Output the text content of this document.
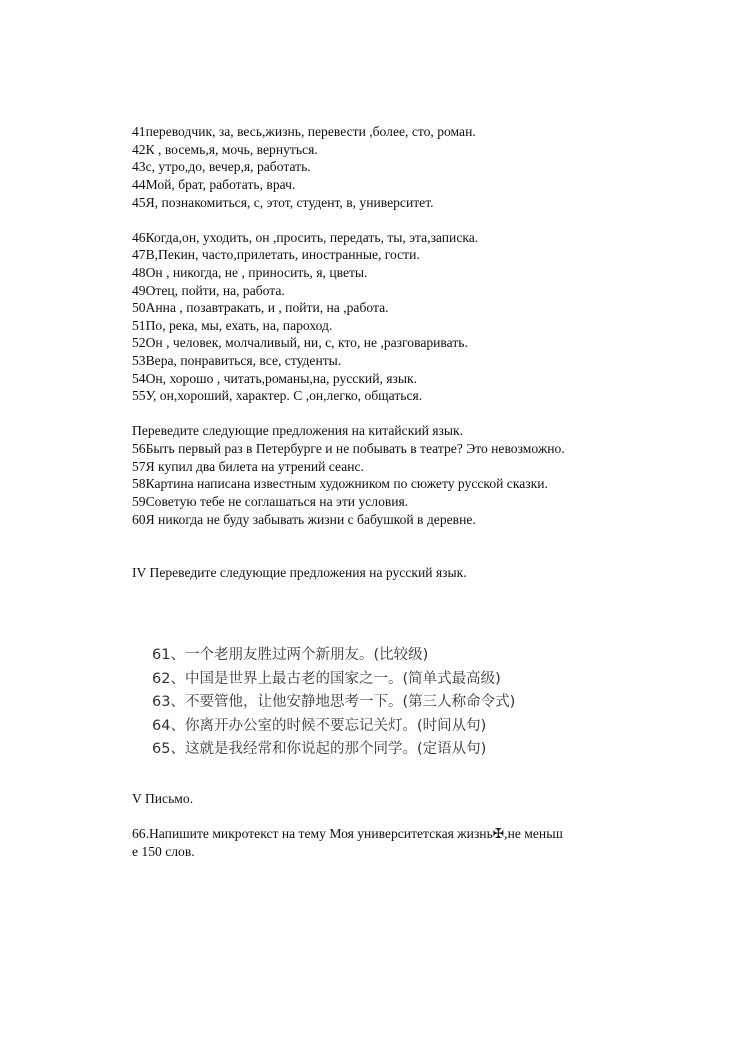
41переводчик, за, весь,жизнь, перевести ,более, сто, роман.
42К , восемь,я, мочь, вернуться.
43с, утро,до, вечер,я, работать.
44Мой, брат, работать, врач.
45Я, познакомиться, с, этот, студент, в, университет.
46Когда,он, уходить, он ,просить, передать, ты, эта,записка.
47В,Пекин, часто,прилетать, иностранные, гости.
48Он , никогда, не , приносить, я, цветы.
49Отец, пойти, на, работа.
50Анна , позавтракать, и , пойти, на ,работа.
51По, река, мы, ехать, на, пароход.
52Он , человек, молчаливый, ни, с, кто, не ,разговаривать.
53Вера, понравиться, все, студенты.
54Он, хорошо , читать,романы,на, русский, язык.
55У, он,хороший, характер. С ,он,легко, общаться.
Переведите следующие предложения на китайский язык.
56Быть первый раз в Петербурге и не побывать в театре? Это невозможно.
57Я купил два билета на утрений сеанс.
58Картина написана известным художником по сюжету русской сказки.
59Советую тебе не соглашаться на эти условия.
60Я никогда не буду забывать жизни с бабушкой в деревне.
IV Переведите следующие предложения на русский язык.
61、一个老朋友胜过两个新朋友。(比较级)
62、中国是世界上最古老的国家之一。(简单式最高级)
63、不要管他，让他安静地思考一下。(第三人称命令式)
64、你离开办公室的时候不要忘记关灯。(时间从句)
65、这就是我经常和你说起的那个同学。(定语从句)
V Письмо.
66.Напишите микротекст на тему Моя университетская жизнь✠,не меньш
е 150 слов.
